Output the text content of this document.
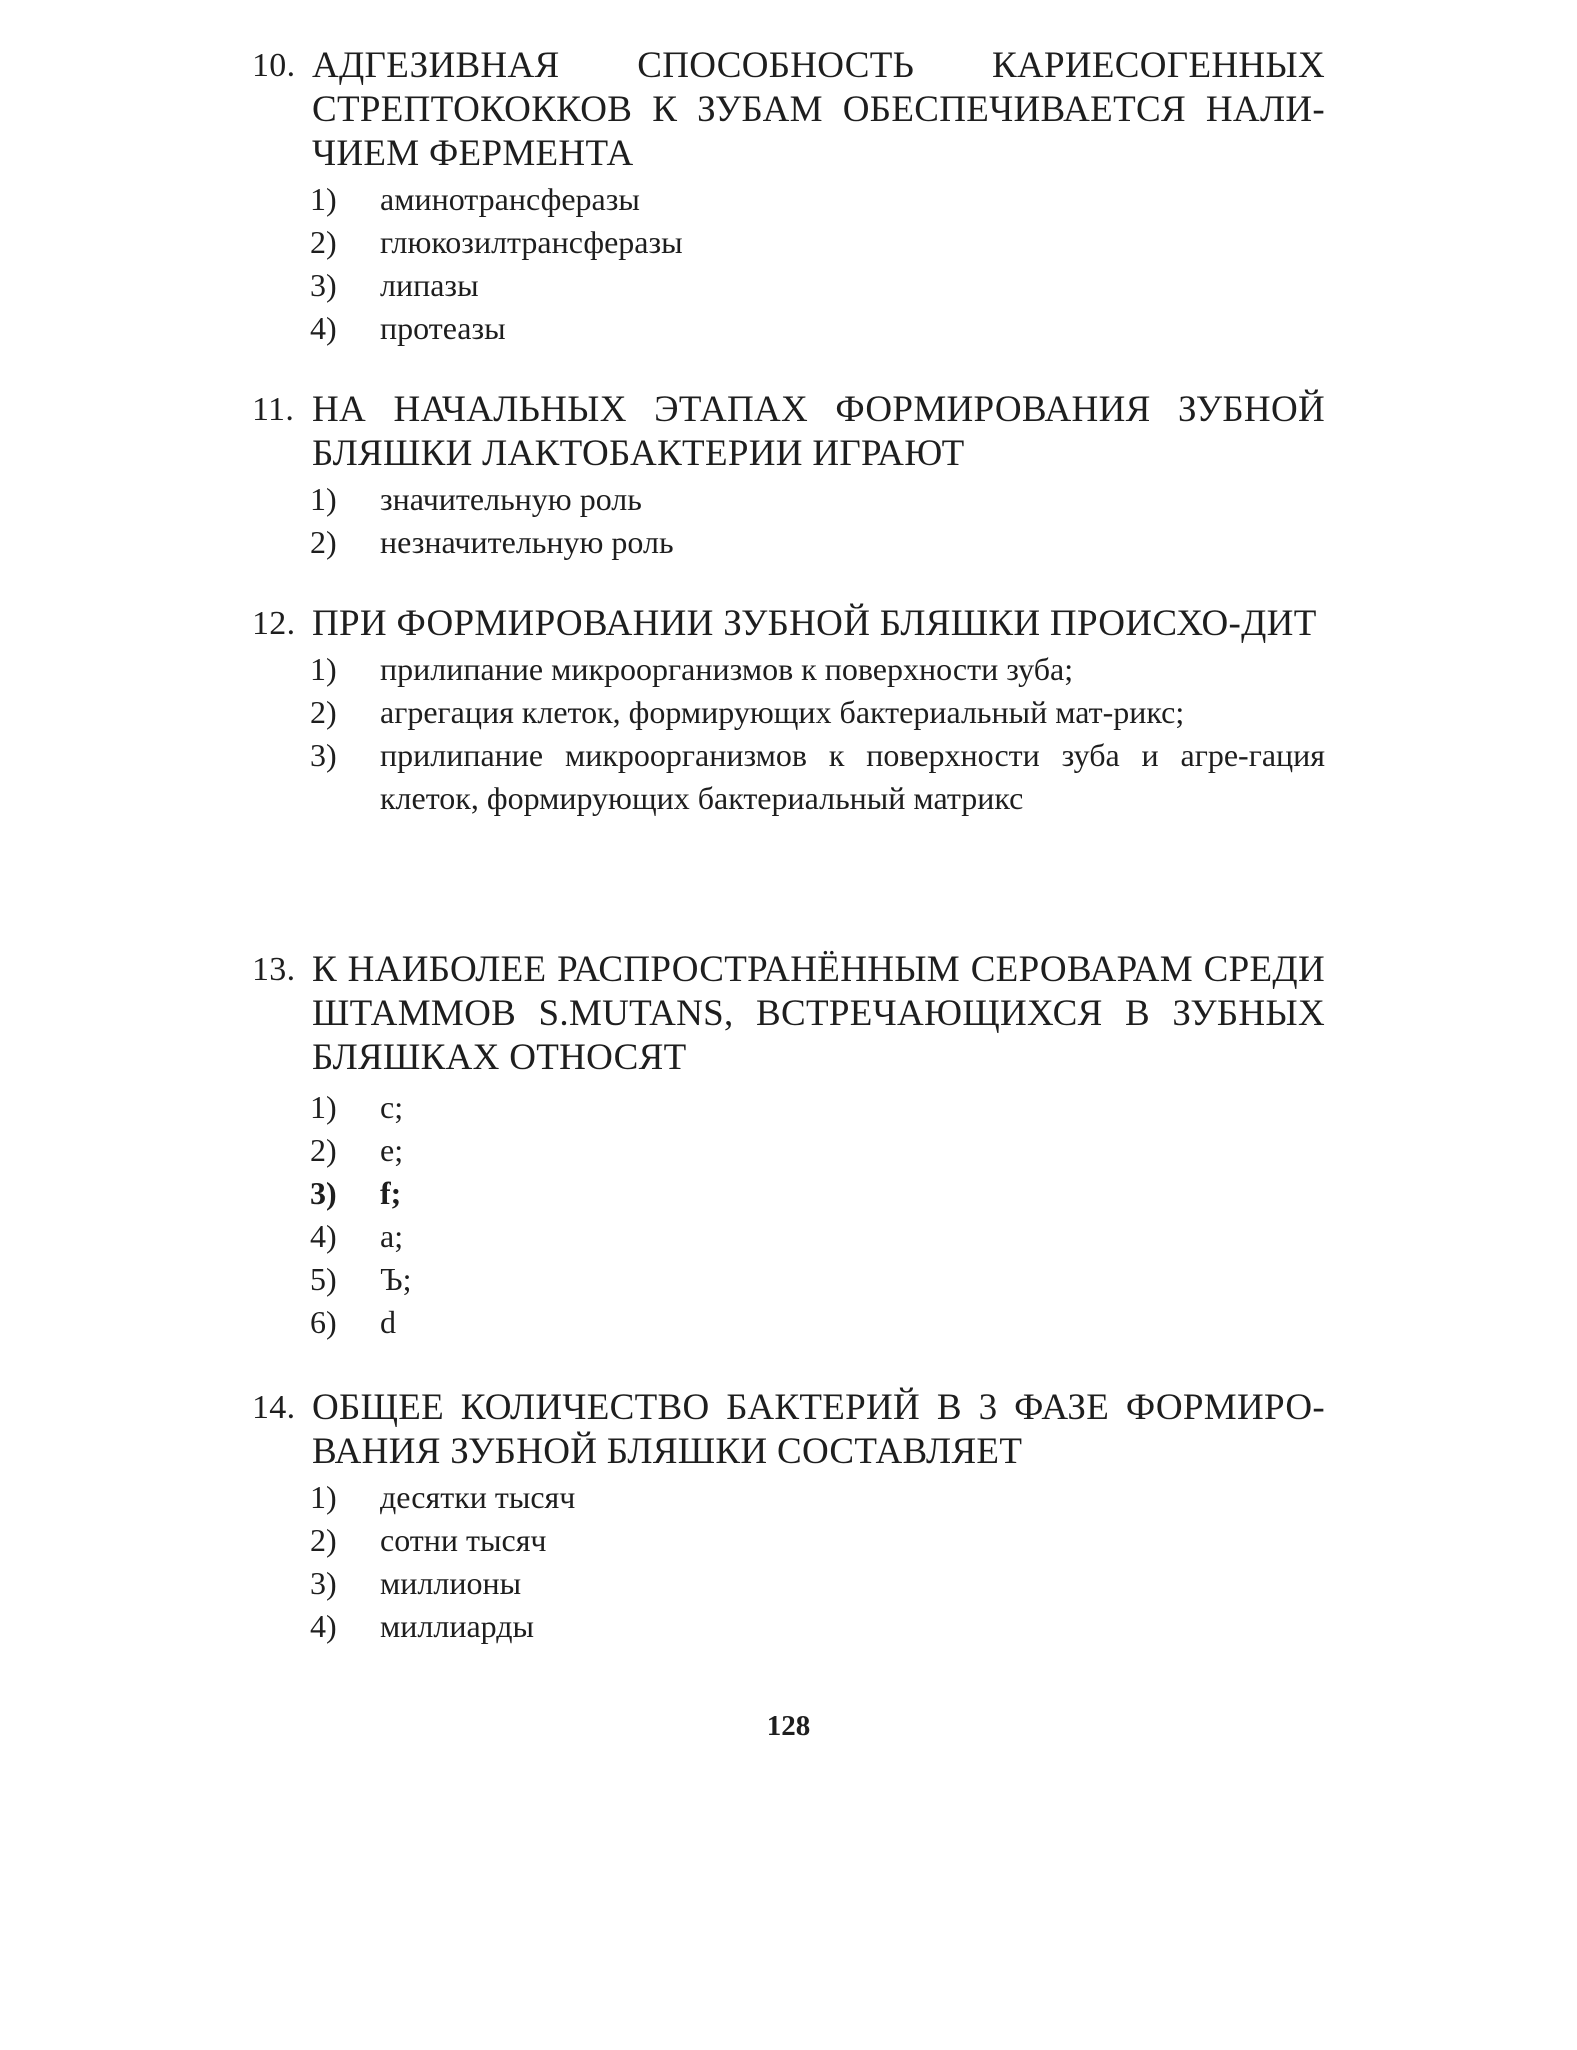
10. АДГЕЗИВНАЯ СПОСОБНОСТЬ КАРИЕСОГЕННЫХ СТРЕПТОКОККОВ К ЗУБАМ ОБЕСПЕЧИВАЕТСЯ НАЛИ-ЧИЕМ ФЕРМЕНТА
1) аминотрансферазы
2) глюкозилтрансферазы
3) липазы
4) протеазы
11. НА НАЧАЛЬНЫХ ЭТАПАХ ФОРМИРОВАНИЯ ЗУБНОЙ БЛЯШКИ ЛАКТОБАКТЕРИИ ИГРАЮТ
1) значительную роль
2) незначительную роль
12. ПРИ ФОРМИРОВАНИИ ЗУБНОЙ БЛЯШКИ ПРОИСХО-ДИТ
1) прилипание микроорганизмов к поверхности зуба;
2) агрегация клеток, формирующих бактериальный мат-рикс;
3) прилипание микроорганизмов к поверхности зуба и агре-гация клеток, формирующих бактериальный матрикс
13. К НАИБОЛЕЕ РАСПРОСТРАНЁННЫМ СЕРОВАРАМ СРЕДИ ШТАММОВ S.MUTANS, ВСТРЕЧАЮЩИХСЯ В ЗУБНЫХ БЛЯШКАХ ОТНОСЯТ
1) c;
2) e;
3) f;
4) a;
5) Ъ;
6) d
14. ОБЩЕЕ КОЛИЧЕСТВО БАКТЕРИЙ В 3 ФАЗЕ ФОРМИРО-ВАНИЯ ЗУБНОЙ БЛЯШКИ СОСТАВЛЯЕТ
1) десятки тысяч
2) сотни тысяч
3) миллионы
4) миллиарды
128
